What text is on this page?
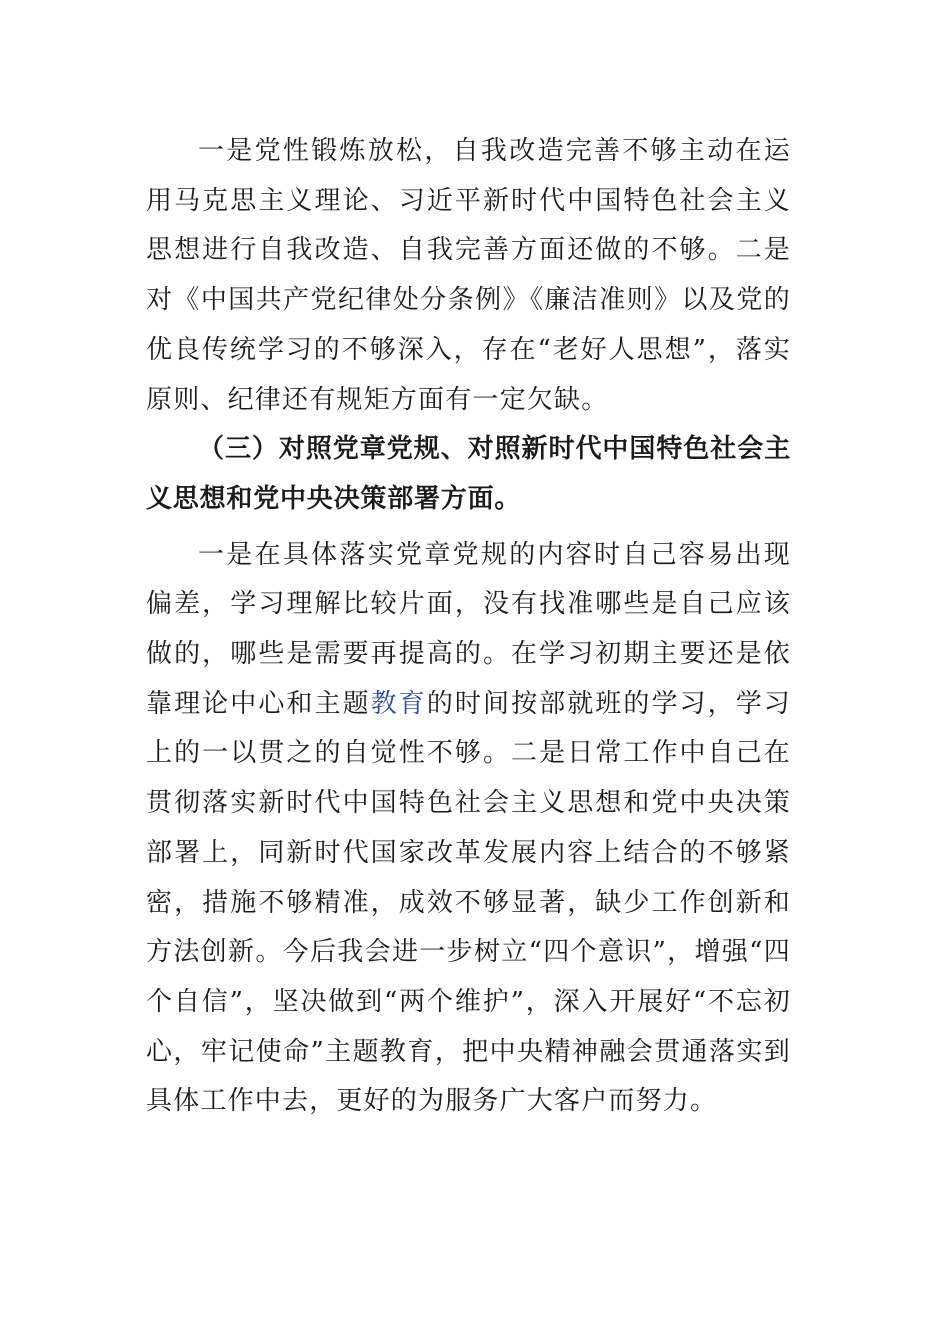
一是党性锻炼放松，自我改造完善不够主动在运用马克思主义理论、习近平新时代中国特色社会主义思想进行自我改造、自我完善方面还做的不够。二是对《中国共产党纪律处分条例》《廉洁准则》以及党的优良传统学习的不够深入，存在“老好人思想”，落实原则、纪律还有规矩方面有一定欠缺。

（三）对照党章党规、对照新时代中国特色社会主义思想和党中央决策部署方面。

一是在具体落实党章党规的内容时自己容易出现偏差，学习理解比较片面，没有找准哪些是自己应该做的，哪些是需要再提高的。在学习初期主要还是依靠理论中心和主题教育的时间按部就班的学习，学习上的一以贯之的自觉性不够。二是日常工作中自己在贯彻落实新时代中国特色社会主义思想和党中央决策部署上，同新时代国家改革发展内容上结合的不够紧密，措施不够精准，成效不够显著，缺少工作创新和方法创新。今后我会进一步树立“四个意识”，增强“四个自信”，坚决做到“两个维护”，深入开展好“不忘初心，牢记使命”主题教育，把中央精神融会贯通落实到具体工作中去，更好的为服务广大客户而努力。
